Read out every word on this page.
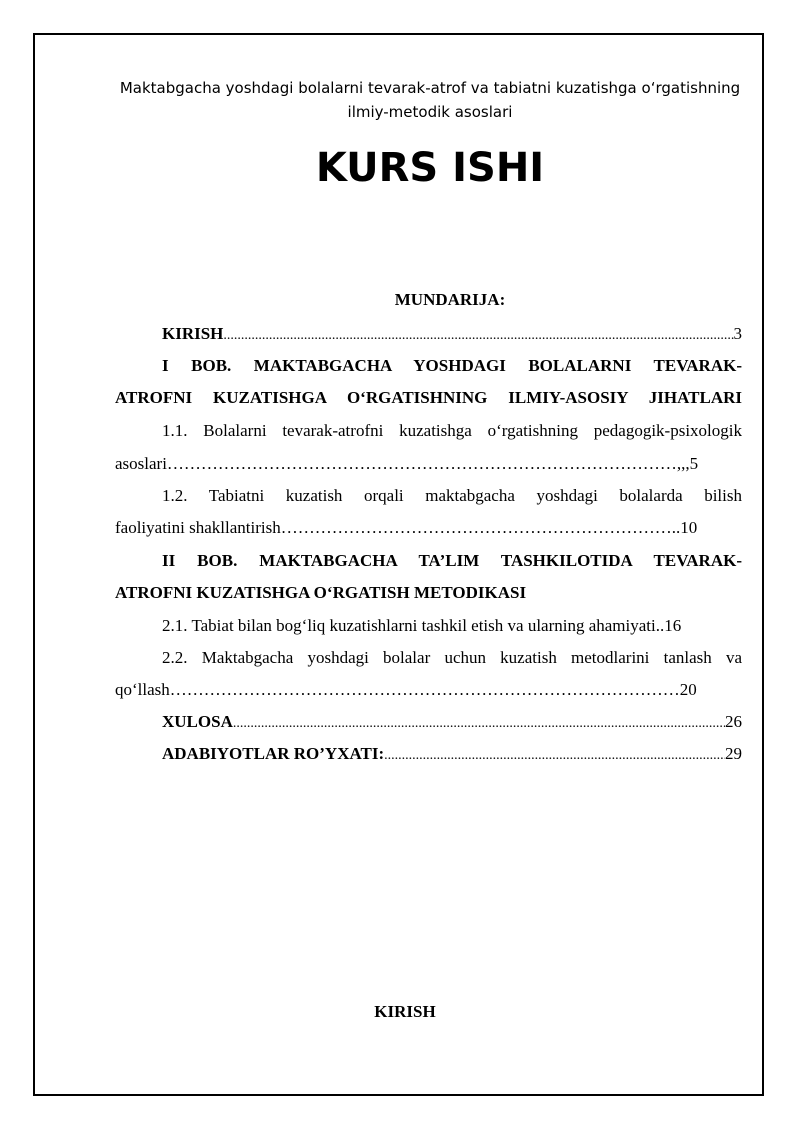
Maktabgacha yoshdagi bolalarni tevarak-atrof va tabiatni kuzatishga o‘rgatishning ilmiy-metodik asoslari
KURS ISHI
MUNDARIJA:
KIRISH .....	3
I BOB. MAKTABGACHA YOSHDAGI BOLALARNI TEVARAK-
ATROFNI KUZATISHGA O‘RGATISHNING ILMIY-ASOSIY JIHATLARI
1.1. Bolalarni tevarak-atrofni kuzatishga o‘rgatishning pedagogik-psixologik
asoslari………………………………………………………………………………,,,5
1.2. Tabiatni kuzatish orqali maktabgacha yoshdagi bolalarda bilish
faoliyatini shakllantirish……………………………………………………………..10
II BOB. MAKTABGACHA TA’LIM TASHKILOTIDA TEVARAK-
ATROFNI KUZATISHGA O‘RGATISH METODIKASI
2.1. Tabiat bilan bog‘liq kuzatishlarni tashkil etish va ularning ahamiyati..16
2.2. Maktabgacha yoshdagi bolalar uchun kuzatish metodlarini tanlash va
qo‘llash………………………………………………………………………………20
XULOSA .....	26
ADABIYOTLAR RO’YXATI: .....	29
KIRISH
